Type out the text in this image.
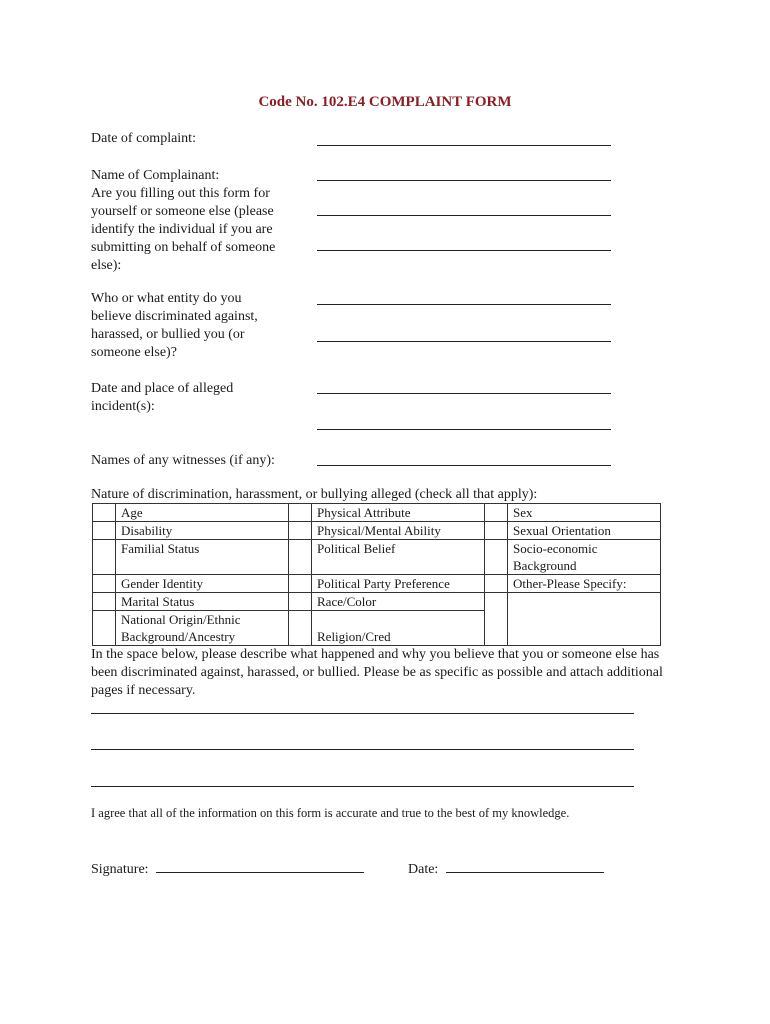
Code No. 102.E4 COMPLAINT FORM
Date of complaint:
Name of Complainant:
Are you filling out this form for
yourself or someone else (please
identify the individual if you are
submitting on behalf of someone
else):
Who or what entity do you
believe discriminated against,
harassed, or bullied you (or
someone else)?
Date and place of alleged
incident(s):
Names of any witnesses (if any):
Nature of discrimination, harassment, or bullying alleged (check all that apply):
	Age		Physical Attribute		Sex
	Disability		Physical/Mental Ability		Sexual Orientation
	Familial Status		Political Belief		Socio-economic Background
	Gender Identity		Political Party Preference		Other-Please Specify:
	Marital Status		Race/Color		
	National Origin/Ethnic Background/Ancestry		Religion/Cred		
In the space below, please describe what happened and why you believe that you or someone else has been discriminated against, harassed, or bullied. Please be as specific as possible and attach additional pages if necessary.
I agree that all of the information on this form is accurate and true to the best of my knowledge.
Signature:	Date:
